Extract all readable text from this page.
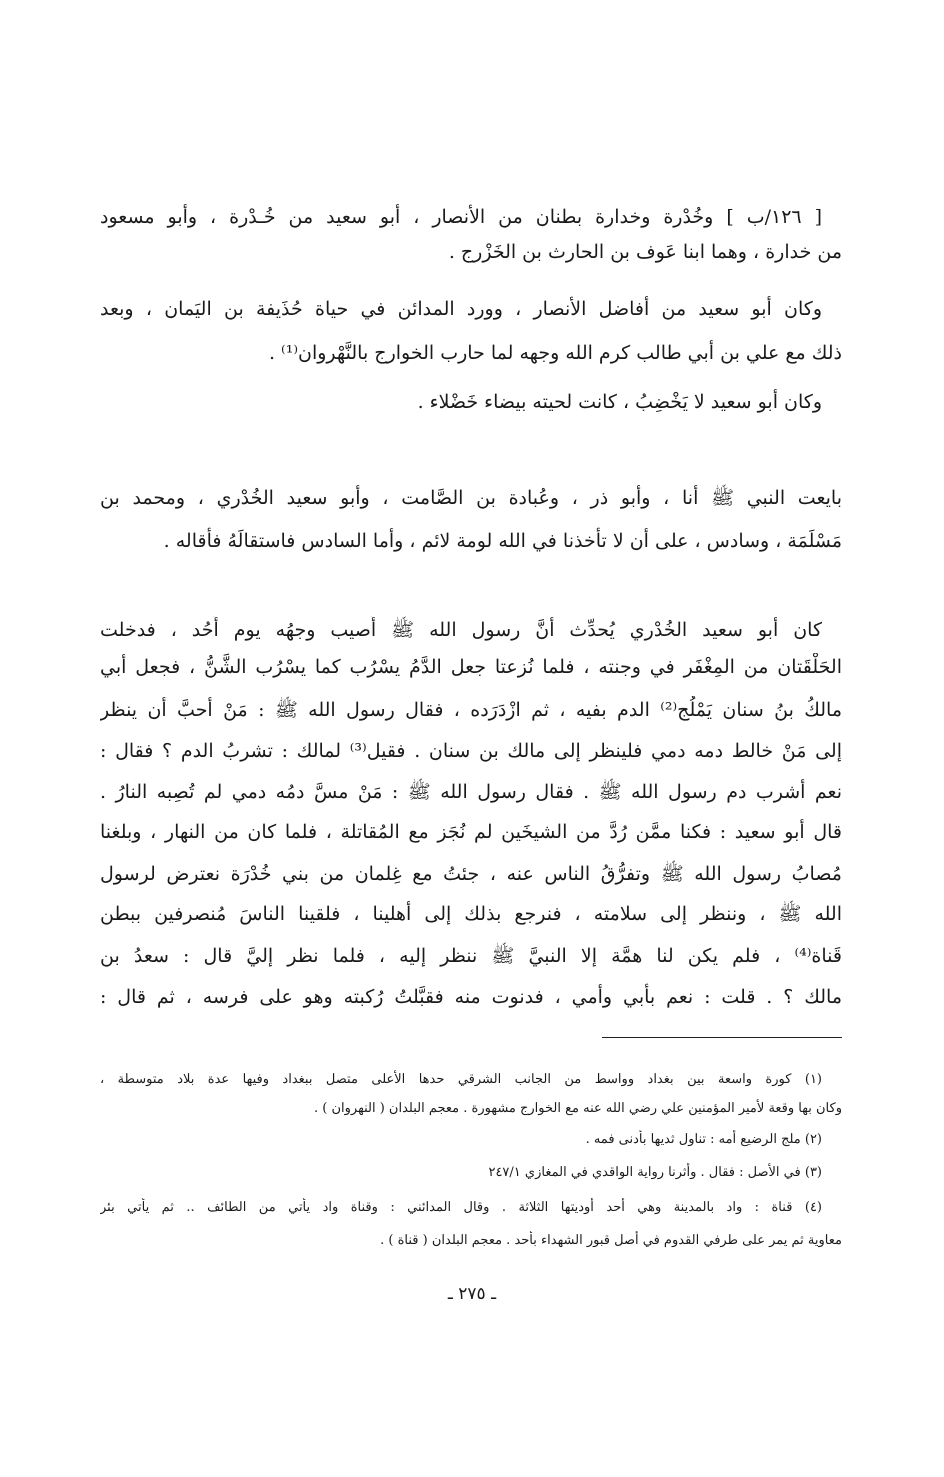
[ ١٢٦/ب ] وخُدْرة وخدارة بطنان من الأنصار ، أبو سعيد من خُـدْرة ، وأبو مسعود
من خدارة ، وهما ابنا عَوف بن الحارث بن الخَزْرج .
وكان أبو سعيد من أفاضل الأنصار ، وورد المدائن في حياة حُذَيفة بن اليَمان ، وبعد
ذلك مع علي بن أبي طالب كرم الله وجهه لما حارب الخوارج بالنَّهْروان⁽¹⁾ .
وكان أبو سعيد لا يَخْضِبُ ، كانت لحيته بيضاء خَضْلاء .
بايعت النبي ﷺ أنا ، وأبو ذر ، وعُبادة بن الصَّامت ، وأبو سعيد الخُدْري ، ومحمد بن
مَسْلَمَة ، وسادس ، على أن لا تأخذنا في الله لومة لائم ، وأما السادس فاستقالَهُ فأقاله .
كان أبو سعيد الخُدْري يُحدِّث أنَّ رسول الله ﷺ أُصيب وجهُه يوم أُحُد ، فدخلت
الحَلْقَتان من المِغْفَر في وجنته ، فلما نُزعتا جعل الدَّمُ يسْرُب كما يسْرُب الشَّنُّ ، فجعل أبي
مالكُ بنُ سنان يَمْلُج⁽²⁾ الدم بفيه ، ثم ازْدَرَده ، فقال رسول الله ﷺ : مَنْ أحبَّ أن ينظر
إلى مَنْ خالط دمه دمي فلينظر إلى مالك بن سنان . فقيل⁽³⁾ لمالك : تشربُ الدم ؟ فقال :
نعم أشرب دم رسول الله ﷺ . فقال رسول الله ﷺ : مَنْ مسَّ دمُه دمي لم تُصِبه النارُ .
قال أبو سعيد : فكنا ممَّن رُدَّ من الشيخَين لم نُجَز مع المُقاتلة ، فلما كان من النهار ، وبلغنا
مُصابُ رسول الله ﷺ وتفرُّقُ الناس عنه ، جئتُ مع غِلمان من بني خُدْرَة نعترض لرسول
الله ﷺ ، وننظر إلى سلامته ، فنرجع بذلك إلى أهلينا ، فلقينا الناسَ مُنصرفين ببطن
قَناة⁽⁴⁾ ، فلم يكن لنا همَّة إلا النبيَّ ﷺ ننظر إليه ، فلما نظر إليَّ قال : سعدُ بن
مالك ؟ . قلت : نعم بأبي وأمي ، فدنوت منه فقبَّلتُ رُكبته وهو على فرسه ، ثم قال :
(١) كورة واسعة بين بغداد وواسط من الجانب الشرقي حدها الأعلى متصل ببغداد وفيها عدة بلاد متوسطة ،
وكان بها وقعة لأمير المؤمنين علي رضي الله عنه مع الخوارج مشهورة . معجم البلدان ( النهروان ) .
(٢) ملج الرضيع أمه : تناول ثديها بأدنى فمه .
(٣) في الأصل : فقال . وأثرنا رواية الواقدي في المغازي ٢٤٧/١
(٤) قناة : واد بالمدينة وهي أحد أوديتها الثلاثة . وقال المدائني : وقناة واد يأتي من الطائف .. ثم يأتي بئر
معاوية ثم يمر على طرفي القدوم في أصل قبور الشهداء بأحد . معجم البلدان ( قناة ) .
ـ ٢٧٥ ـ
